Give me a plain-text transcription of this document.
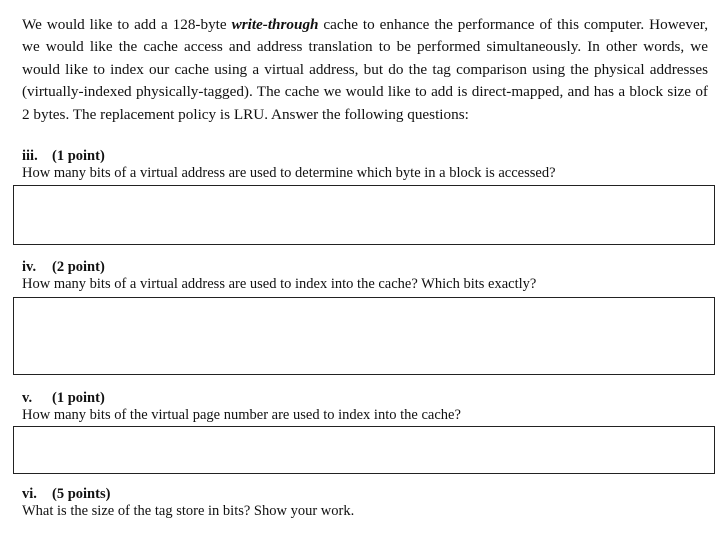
We would like to add a 128-byte write-through cache to enhance the performance of this computer. However, we would like the cache access and address translation to be performed simultaneously. In other words, we would like to index our cache using a virtual address, but do the tag comparison using the physical addresses (virtually-indexed physically-tagged). The cache we would like to add is direct-mapped, and has a block size of 2 bytes. The replacement policy is LRU. Answer the following questions:

iii. (1 point)

How many bits of a virtual address are used to determine which byte in a block is accessed?

iv. (2 point)

How many bits of a virtual address are used to index into the cache? Which bits exactly?

v. (1 point)

How many bits of the virtual page number are used to index into the cache?

vi. (5 points)

What is the size of the tag store in bits? Show your work.
